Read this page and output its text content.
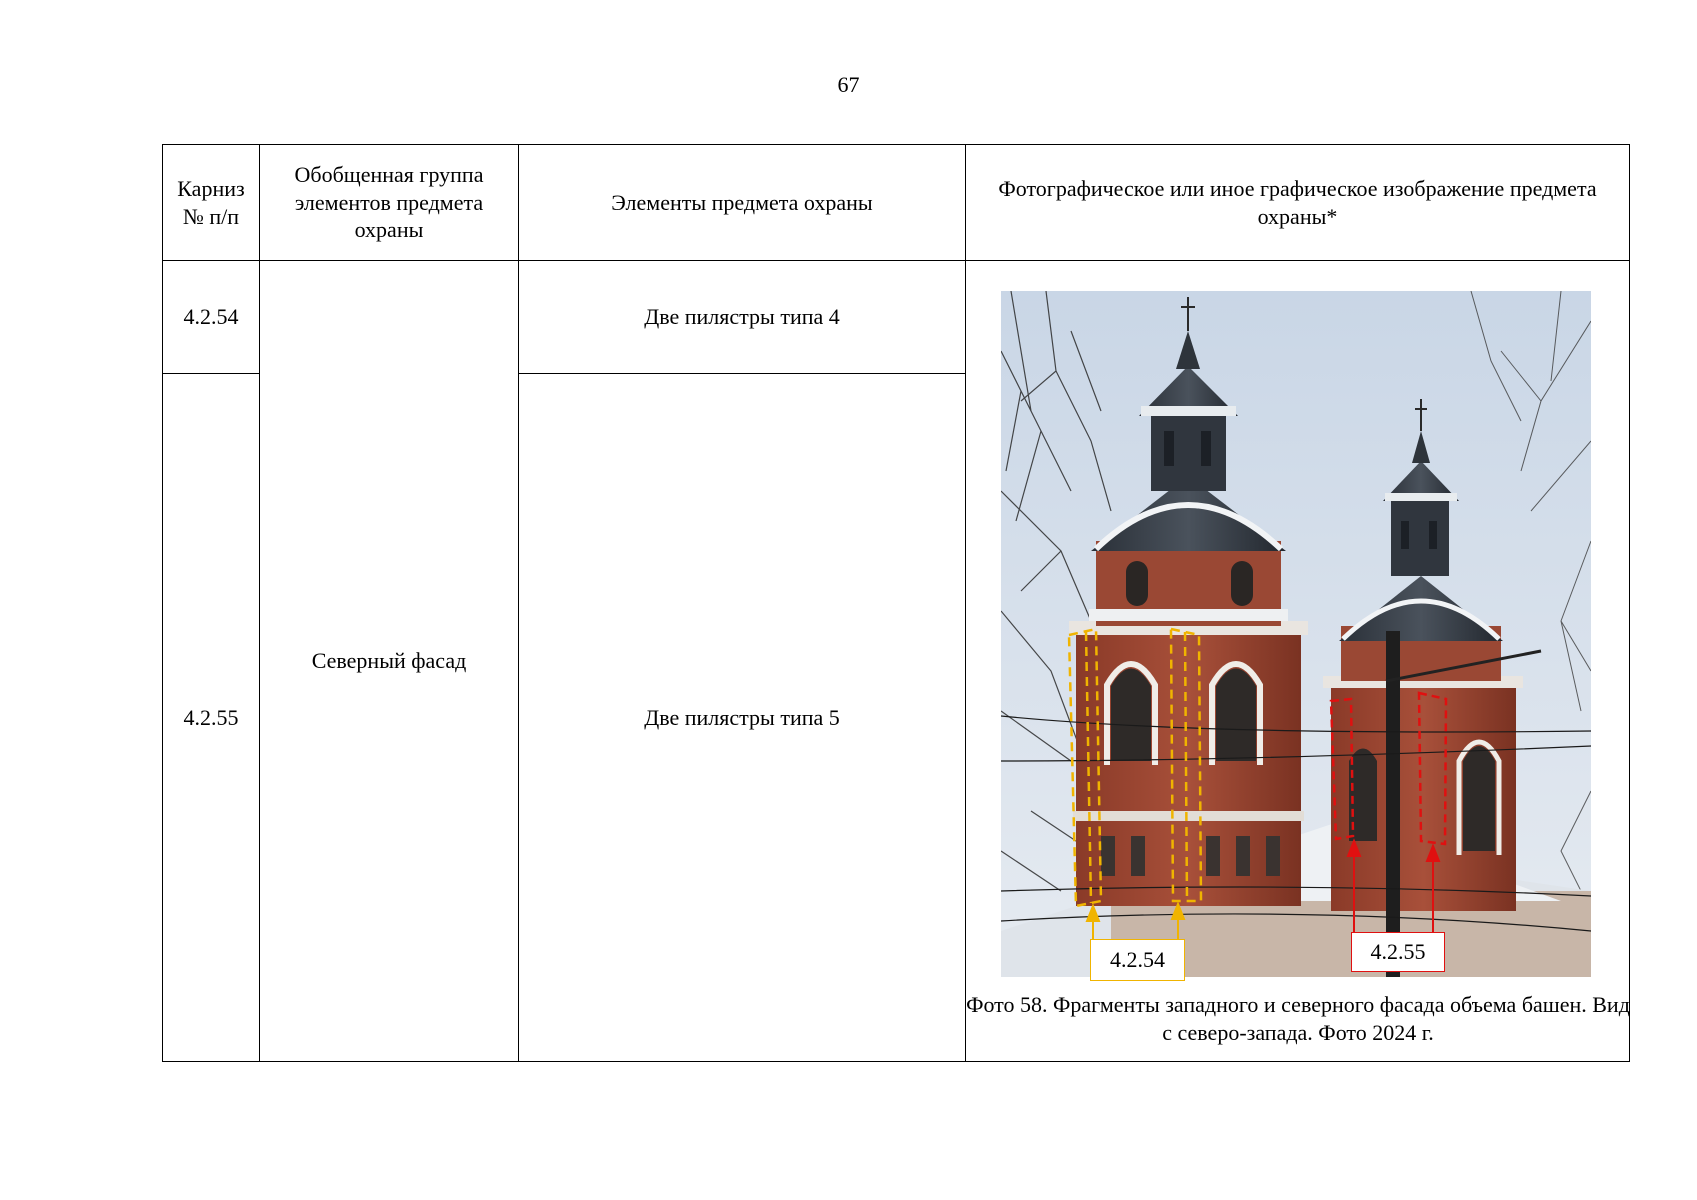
67
Карниз № п/п	Обобщенная группа элементов предмета охраны	Элементы предмета охраны	Фотографическое или иное графическое изображение предмета охраны*
4.2.54	Северный фасад	Две пилястры типа 4	4.2.54 4.2.55
Фото 58. Фрагменты западного и северного фасада объема башен. Вид с северо-запада. Фото 2024 г.

4.2.55		Две пилястры типа 5	
